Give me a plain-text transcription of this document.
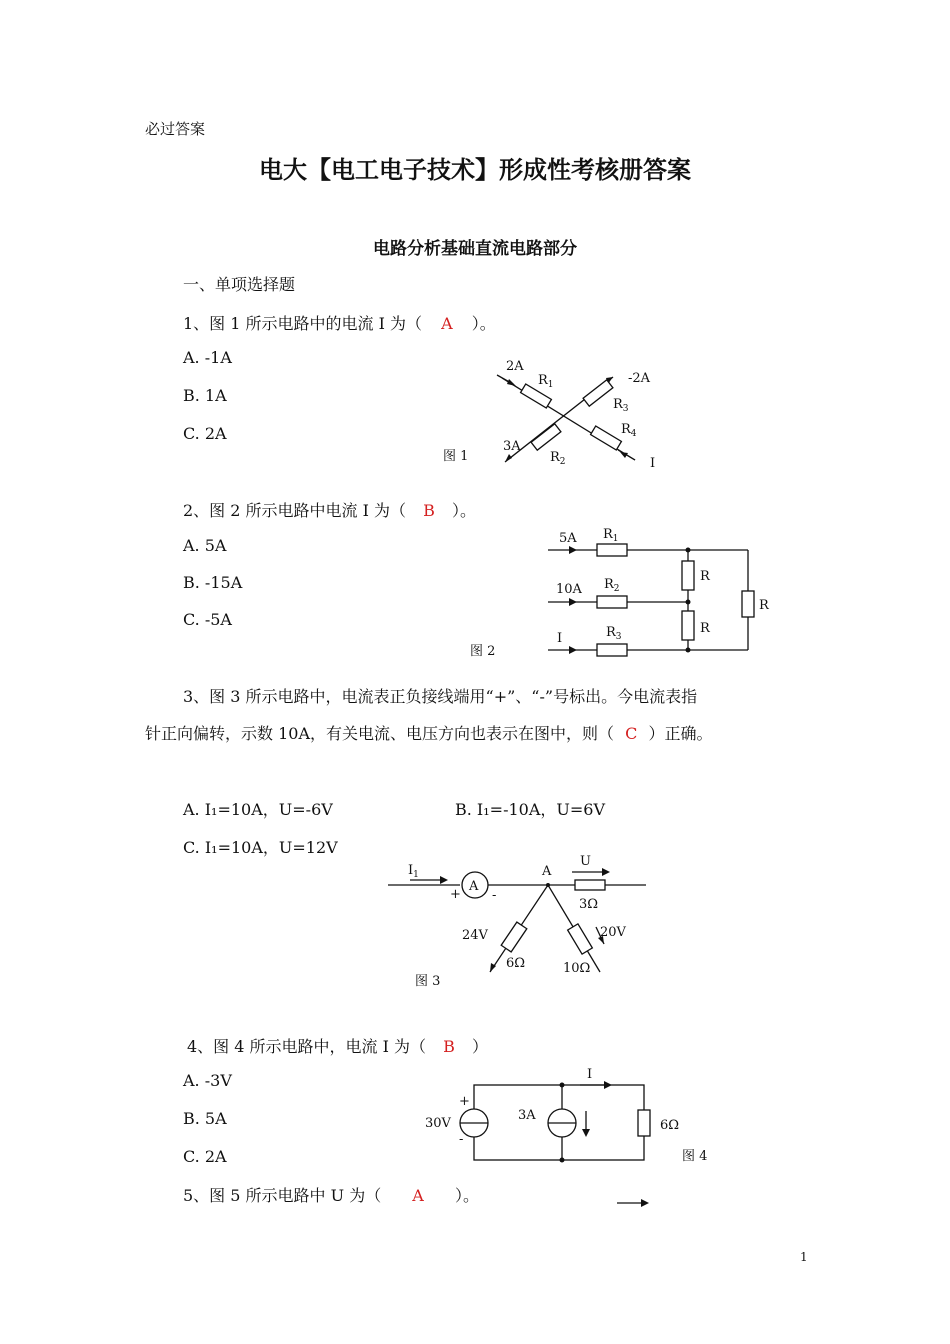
必过答案
电大【电工电子技术】形成性考核册答案
电路分析基础直流电路部分
一、单项选择题
1、图 1 所示电路中的电流 I 为（ A ）。
A. -1A
B. 1A
C. 2A
2A
$R_1$	-2A
$R_3$
3A
$R_2$
$R_4$
I
图 1
2、图 2 所示电路中电流 I 为（ B ）。
A. 5A
B. -15A
C. -5A
5A $R_1$
10A $R_2$
I	$R_3$
R
R
R
图 2
3、图 3 所示电路中，电流表正负接线端用“+”、“-”号标出。今电流表指
针正向偏转，示数 10A，有关电流、电压方向也表示在图中，则（ C ）正确。
A. I₁=10A，U=-6V	B. I₁=-10A，U=6V
C. I₁=10A，U=12V
A
+ -
$I_1$	A
U
3Ω
24V
6Ω
20V
10Ω
图 3
4、图 4 所示电路中，电流 I 为（ B ）
A. -3V
B. 5A
C. 2A
+
-
30V
3A
I
6Ω
图 4
5、图 5 所示电路中 U 为（ A ）。
1
